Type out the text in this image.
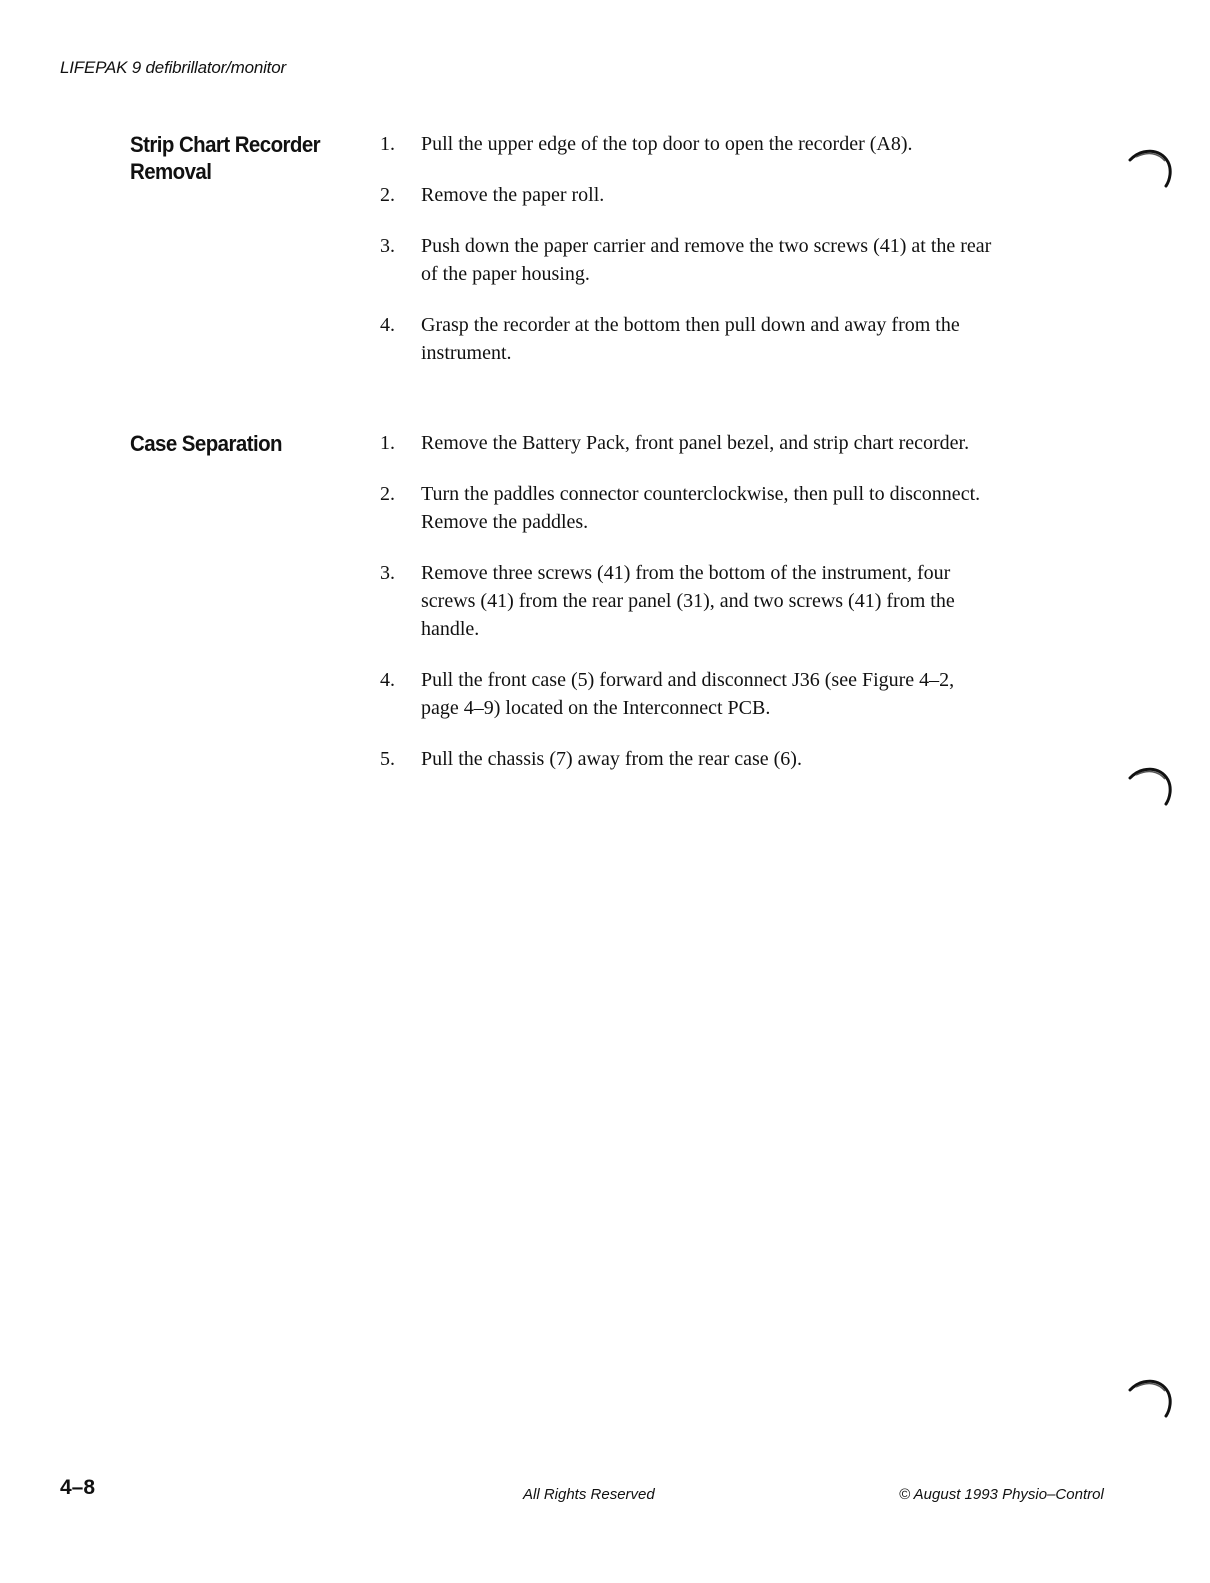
LIFEPAK 9 defibrillator/monitor
Strip Chart Recorder
Removal
1. Pull the upper edge of the top door to open the recorder (A8).
2. Remove the paper roll.
3. Push down the paper carrier and remove the two screws (41) at the rear
of the paper housing.
4. Grasp the recorder at the bottom then pull down and away from the
instrument.
Case Separation	1. Remove the Battery Pack, front panel bezel, and strip chart recorder.
2. Turn the paddles connector counterclockwise, then pull to disconnect.
Remove the paddles.
3. Remove three screws (41) from the bottom of the instrument, four
screws (41) from the rear panel (31), and two screws (41) from the
handle.
4. Pull the front case (5) forward and disconnect J36 (see Figure 4–2,
page 4–9) located on the Interconnect PCB.
5. Pull the chassis (7) away from the rear case (6).
4–8	All Rights Reserved	© August 1993 Physio–Control
